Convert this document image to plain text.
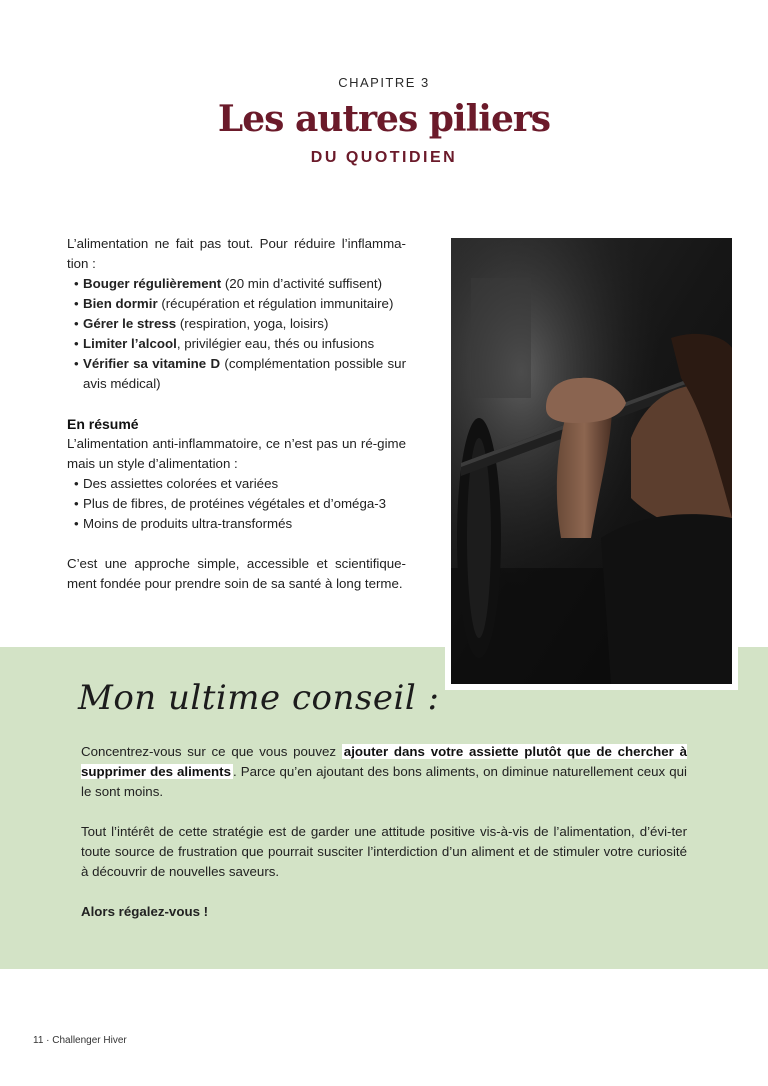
CHAPITRE 3
Les autres piliers
DU QUOTIDIEN

L’alimentation ne fait pas tout. Pour réduire l’inflamma-tion :

• Bouger régulièrement (20 min d’activité suffisent)
• Bien dormir (récupération et régulation immunitaire)
• Gérer le stress (respiration, yoga, loisirs)
• Limiter l’alcool, privilégier eau, thés ou infusions
• Vérifier sa vitamine D (complémentation possible sur avis médical)
En résumé

L’alimentation anti-inflammatoire, ce n’est pas un ré-gime mais un style d’alimentation :

• Des assiettes colorées et variées
• Plus de fibres, de protéines végétales et d’oméga-3
• Moins de produits ultra-transformés

C’est une approche simple, accessible et scientifique-ment fondée pour prendre soin de sa santé à long terme.

Mon ultime conseil :

Concentrez-vous sur ce que vous pouvez ajouter dans votre assiette plutôt que de chercher à supprimer des aliments . Parce qu’en ajoutant des bons aliments, on diminue naturellement ceux qui le sont moins.

Tout l’intérêt de cette stratégie est de garder une attitude positive vis-à-vis de l’alimentation, d’évi-ter toute source de frustration que pourrait susciter l’interdiction d’un aliment et de stimuler votre curiosité à découvrir de nouvelles saveurs.

Alors régalez-vous !

11 · Challenger Hiver
